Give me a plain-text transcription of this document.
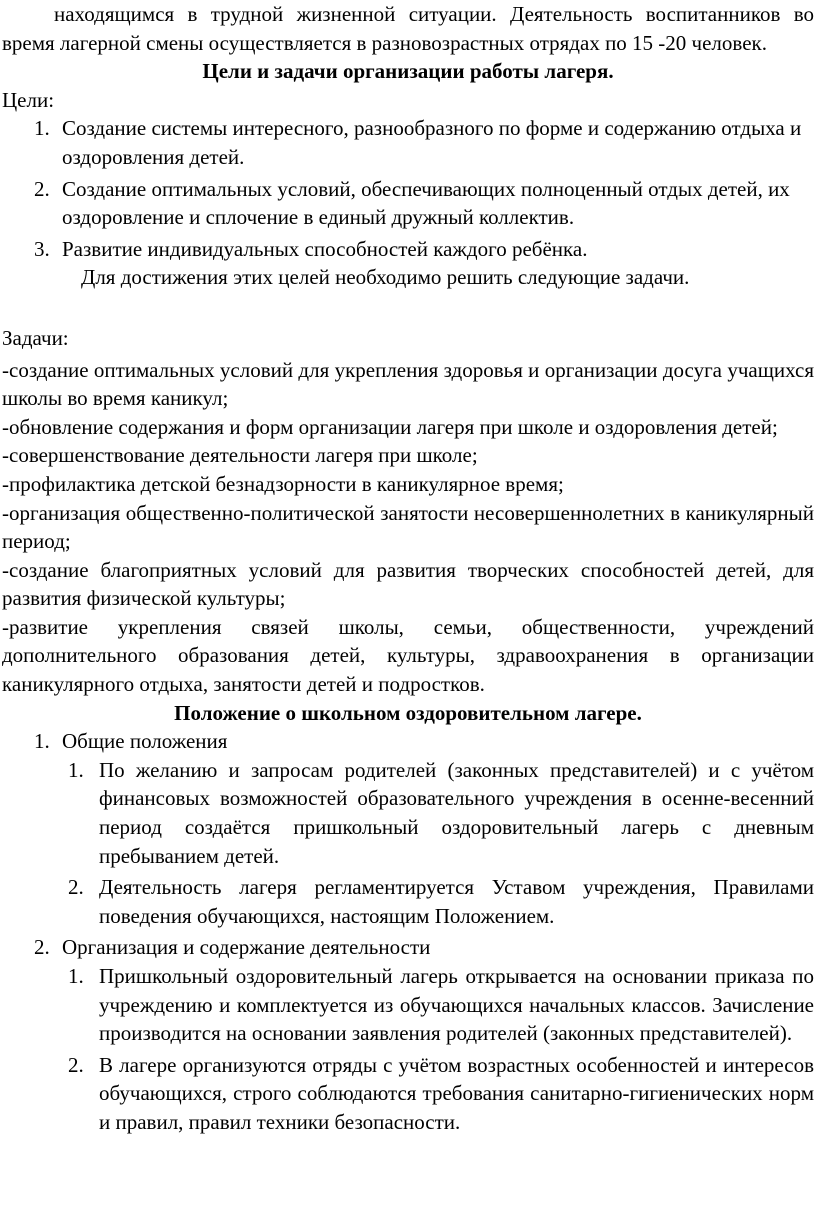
находящимся в трудной жизненной ситуации. Деятельность воспитанников во время лагерной смены осуществляется в разновозрастных отрядах по 15 -20 человек.

Цели и задачи организации работы лагеря.

Цели:

1. Создание системы интересного, разнообразного по форме и содержанию отдыха и оздоровления детей.
2. Создание оптимальных условий, обеспечивающих полноценный отдых детей, их оздоровление и сплочение в единый дружный коллектив.
3. Развитие индивидуальных способностей каждого ребёнка.

Для достижения этих целей необходимо решить следующие задачи.

Задачи:

-создание оптимальных условий для укрепления здоровья и организации досуга учащихся школы во время каникул;

-обновление содержания и форм организации лагеря при школе и оздоровления детей;

-совершенствование деятельности лагеря при школе;

-профилактика детской безнадзорности в каникулярное время;

-организация общественно-политической занятости несовершеннолетних в каникулярный период;

-создание благоприятных условий для развития творческих способностей детей, для развития физической культуры;

-развитие укрепления связей школы, семьи, общественности, учреждений дополнительного образования детей, культуры, здравоохранения в организации каникулярного отдыха, занятости детей и подростков.

Положение о школьном оздоровительном лагере.

1. Общие положения
1. По желанию и запросам родителей (законных представителей) и с учётом финансовых возможностей образовательного учреждения в осенне-весенний период создаётся пришкольный оздоровительный лагерь с дневным пребыванием детей.
2. Деятельность лагеря регламентируется Уставом учреждения, Правилами поведения обучающихся, настоящим Положением.
2. Организация и содержание деятельности
1. Пришкольный оздоровительный лагерь открывается на основании приказа по учреждению и комплектуется из обучающихся начальных классов. Зачисление производится на основании заявления родителей (законных представителей).
2. В лагере организуются отряды с учётом возрастных особенностей и интересов обучающихся, строго соблюдаются требования санитарно-гигиенических норм и правил, правил техники безопасности.
